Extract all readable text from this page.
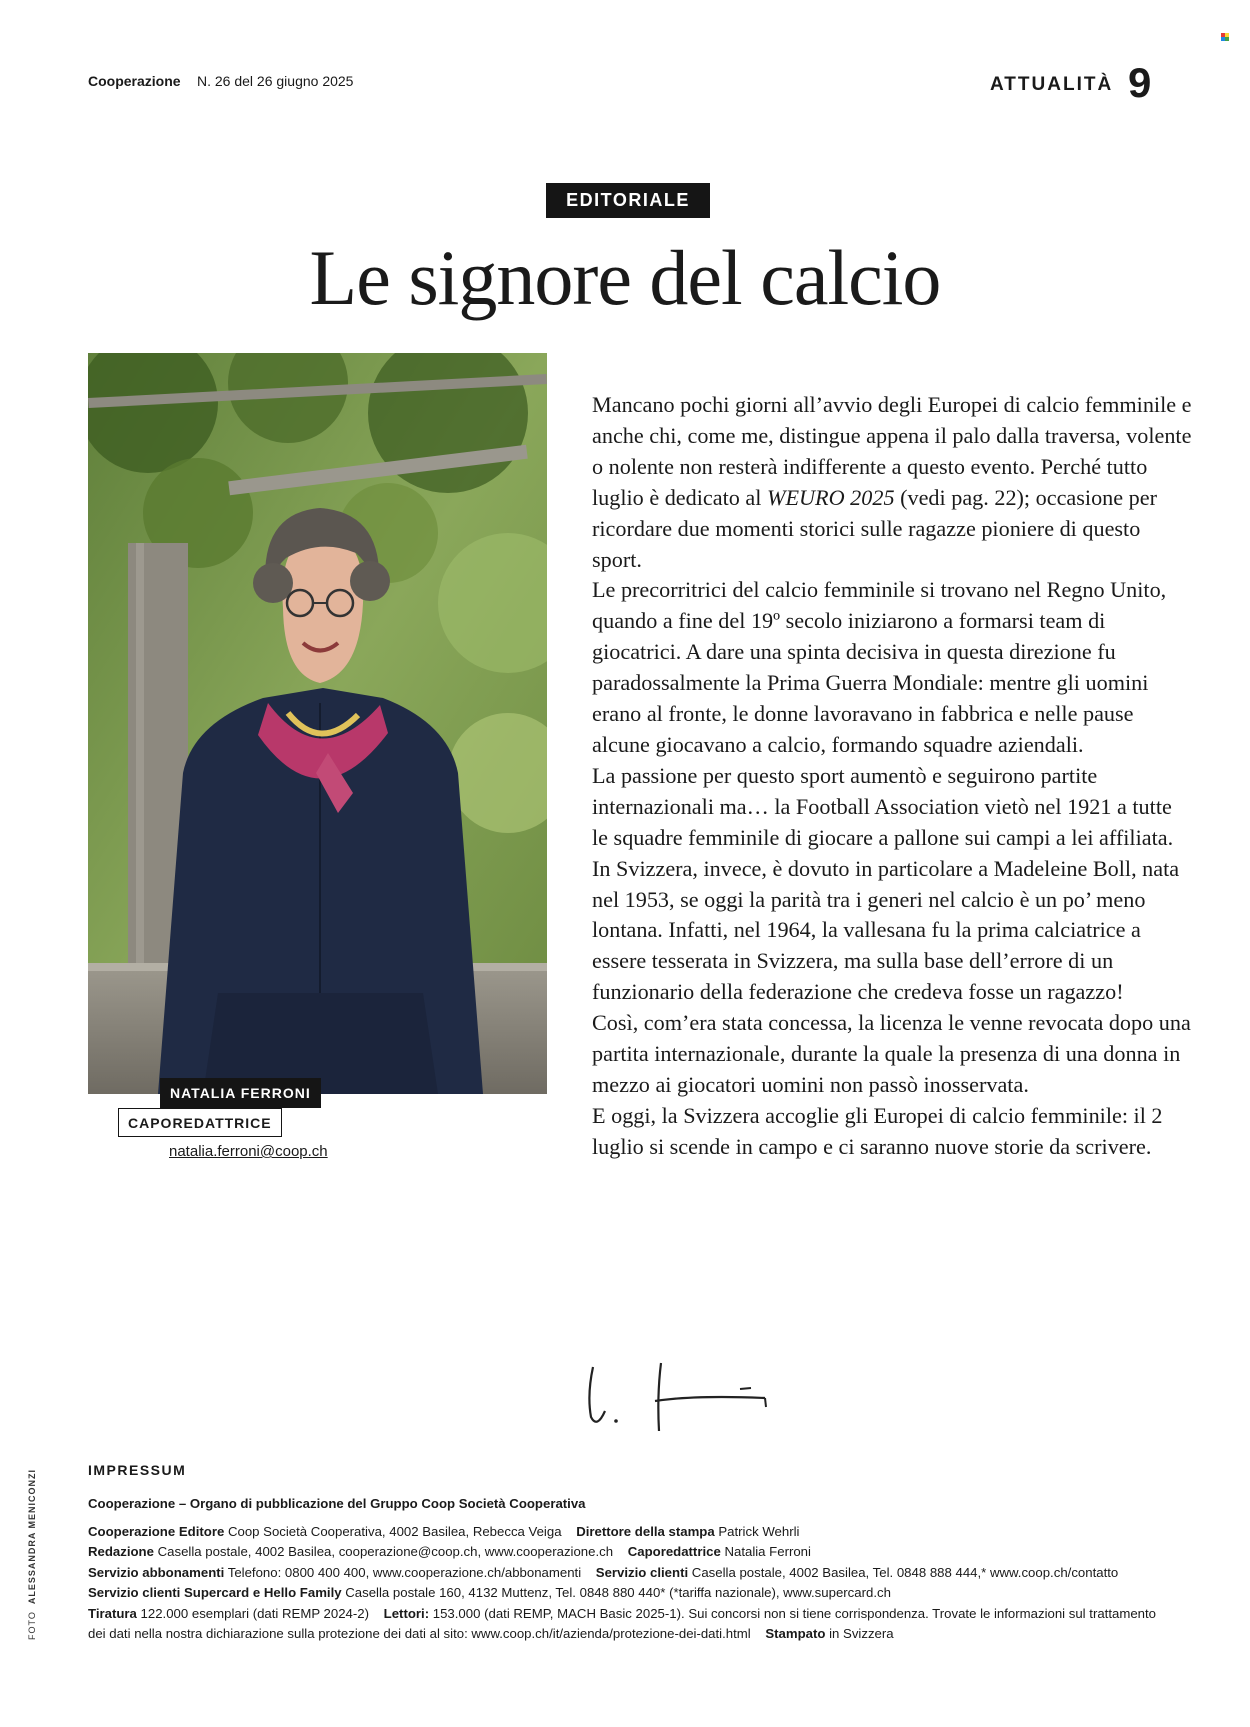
Cooperazione N. 26 del 26 giugno 2025	ATTUALITÀ 9
EDITORIALE
Le signore del calcio
NATALIA FERRONI
CAPOREDATTRICE
natalia.ferroni@coop.ch

Mancano pochi giorni all’avvio degli Europei di calcio femminile e anche chi, come me, distingue appena il palo dalla traversa, volente o nolente non resterà indifferente a questo evento. Perché tutto luglio è dedicato al WEURO 2025 (vedi pag. 22); occasione per ricordare due momenti storici sulle ragazze pioniere di questo sport.

Le precorritrici del calcio femminile si trovano nel Regno Unito, quando a fine del 19º secolo iniziarono a formarsi team di giocatrici. A dare una spinta decisiva in questa direzione fu paradossalmente la Prima Guerra Mondiale: mentre gli uomini erano al fronte, le donne lavoravano in fabbrica e nelle pause alcune giocavano a calcio, formando squadre aziendali.

La passione per questo sport aumentò e seguirono partite internazionali ma… la Football Association vietò nel 1921 a tutte le squadre femminile di giocare a pallone sui campi a lei affiliata.

In Svizzera, invece, è dovuto in particolare a Madeleine Boll, nata nel 1953, se oggi la parità tra i generi nel calcio è un po’ meno lontana. Infatti, nel 1964, la vallesana fu la prima calciatrice a essere tesserata in Svizzera, ma sulla base dell’errore di un funzionario della federazione che credeva fosse un ragazzo!

Così, com’era stata concessa, la licenza le venne revocata dopo una partita internazionale, durante la quale la presenza di una donna in mezzo ai giocatori uomini non passò inosservata.

E oggi, la Svizzera accoglie gli Europei di calcio femminile: il 2 luglio si scende in campo e ci saranno nuove storie da scrivere.

IMPRESSUM
Cooperazione – Organo di pubblicazione del Gruppo Coop Società Cooperativa
Cooperazione Editore Coop Società Cooperativa, 4002 Basilea, Rebecca Veiga Direttore della stampa Patrick Wehrli
Redazione Casella postale, 4002 Basilea, cooperazione@coop.ch, www.cooperazione.ch Caporedattrice Natalia Ferroni
Servizio abbonamenti Telefono: 0800 400 400, www.cooperazione.ch/abbonamenti Servizio clienti Casella postale, 4002 Basilea, Tel. 0848 888 444,* www.coop.ch/contatto
Servizio clienti Supercard e Hello Family Casella postale 160, 4132 Muttenz, Tel. 0848 880 440* (*tariffa nazionale), www.supercard.ch
Tiratura 122.000 esemplari (dati REMP 2024-2) Lettori: 153.000 (dati REMP, MACH Basic 2025-1). Sui concorsi non si tiene corrispondenza. Trovate le informazioni sul trattamento
dei dati nella nostra dichiarazione sulla protezione dei dati al sito: www.coop.ch/it/azienda/protezione-dei-dati.html Stampato in Svizzera
FOTO  ALESSANDRA MENICONZI
